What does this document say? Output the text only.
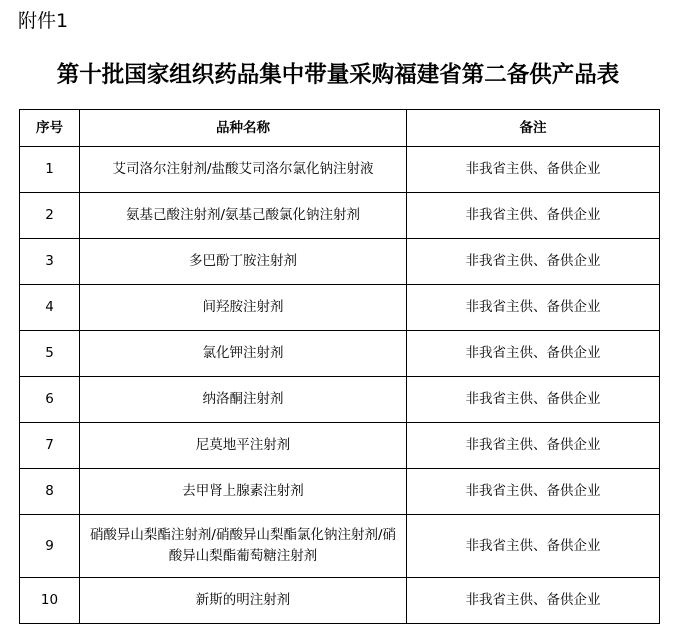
附件1
第十批国家组织药品集中带量采购福建省第二备供产品表
序号	品种名称	备注
1	艾司洛尔注射剂/盐酸艾司洛尔氯化钠注射液	非我省主供、备供企业
2	氨基己酸注射剂/氨基己酸氯化钠注射剂	非我省主供、备供企业
3	多巴酚丁胺注射剂	非我省主供、备供企业
4	间羟胺注射剂	非我省主供、备供企业
5	氯化钾注射剂	非我省主供、备供企业
6	纳洛酮注射剂	非我省主供、备供企业
7	尼莫地平注射剂	非我省主供、备供企业
8	去甲肾上腺素注射剂	非我省主供、备供企业
9	硝酸异山梨酯注射剂/硝酸异山梨酯氯化钠注射剂/硝酸异山梨酯葡萄糖注射剂	非我省主供、备供企业
10	新斯的明注射剂	非我省主供、备供企业
